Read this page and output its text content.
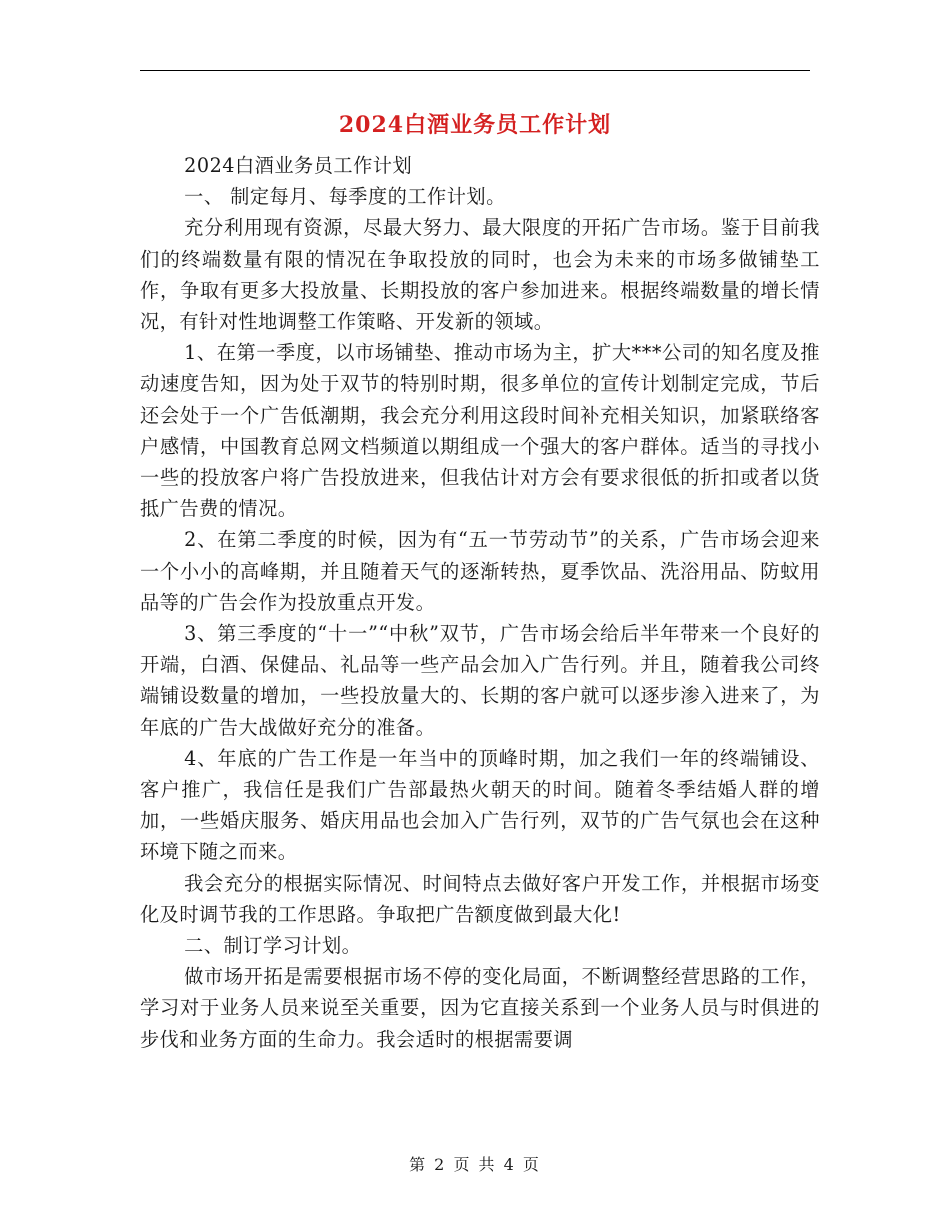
2024白酒业务员工作计划

2024白酒业务员工作计划

一、 制定每月、每季度的工作计划。

充分利用现有资源，尽最大努力、最大限度的开拓广告市场。鉴于目前我们的终端数量有限的情况在争取投放的同时，也会为未来的市场多做铺垫工作，争取有更多大投放量、长期投放的客户参加进来。根据终端数量的增长情况，有针对性地调整工作策略、开发新的领域。

1、在第一季度，以市场铺垫、推动市场为主，扩大***公司的知名度及推动速度告知，因为处于双节的特别时期，很多单位的宣传计划制定完成，节后还会处于一个广告低潮期，我会充分利用这段时间补充相关知识，加紧联络客户感情，中国教育总网文档频道以期组成一个强大的客户群体。适当的寻找小一些的投放客户将广告投放进来，但我估计对方会有要求很低的折扣或者以货抵广告费的情况。

2、在第二季度的时候，因为有“五一节劳动节”的关系，广告市场会迎来一个小小的高峰期，并且随着天气的逐渐转热，夏季饮品、洗浴用品、防蚊用品等的广告会作为投放重点开发。

3、第三季度的“十一”“中秋”双节，广告市场会给后半年带来一个良好的开端，白酒、保健品、礼品等一些产品会加入广告行列。并且，随着我公司终端铺设数量的增加，一些投放量大的、长期的客户就可以逐步渗入进来了，为年底的广告大战做好充分的准备。

4、年底的广告工作是一年当中的顶峰时期，加之我们一年的终端铺设、客户推广，我信任是我们广告部最热火朝天的时间。随着冬季结婚人群的增加，一些婚庆服务、婚庆用品也会加入广告行列，双节的广告气氛也会在这种环境下随之而来。

我会充分的根据实际情况、时间特点去做好客户开发工作，并根据市场变化及时调节我的工作思路。争取把广告额度做到最大化!

二、制订学习计划。

做市场开拓是需要根据市场不停的变化局面，不断调整经营思路的工作，学习对于业务人员来说至关重要，因为它直接关系到一个业务人员与时俱进的步伐和业务方面的生命力。我会适时的根据需要调

第 2 页 共 4 页
